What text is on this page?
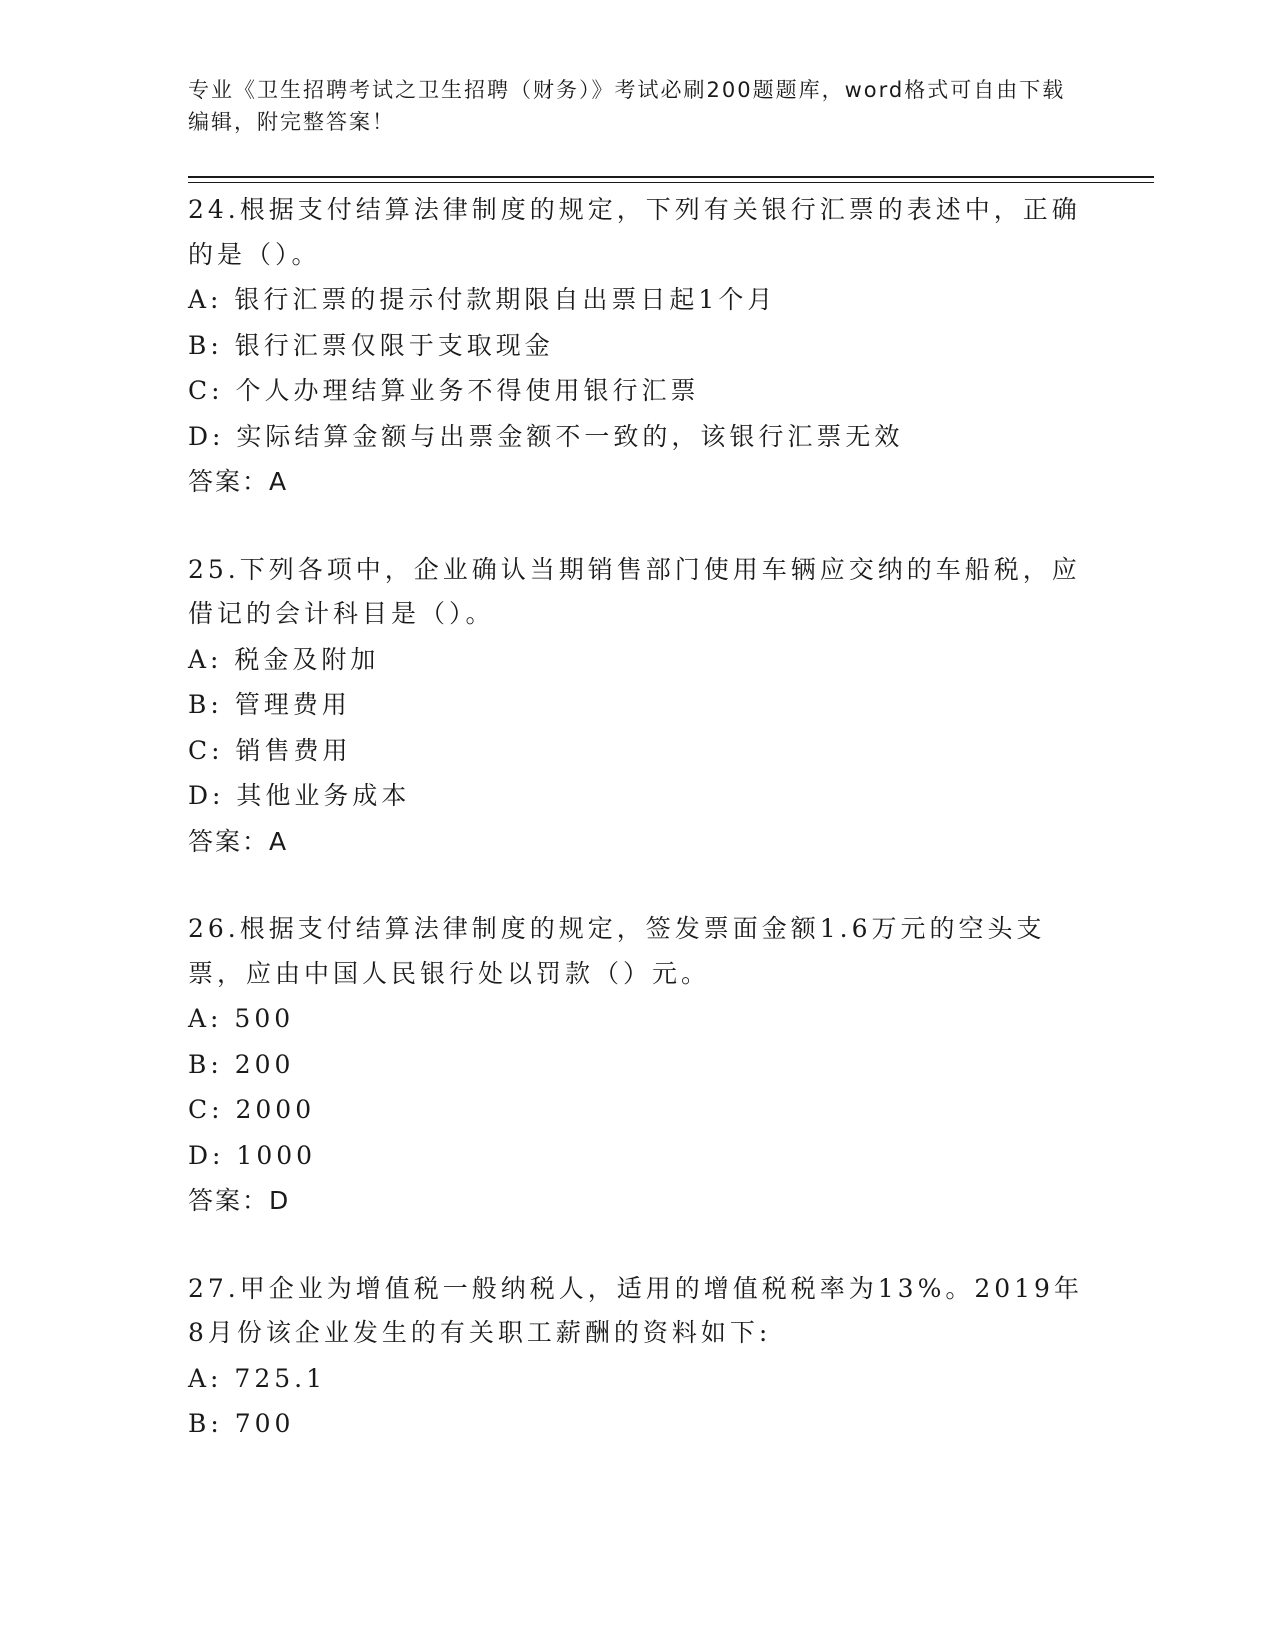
专业《卫生招聘考试之卫生招聘（财务）》考试必刷200题题库，word格式可自由下载编辑，附完整答案！

24.根据支付结算法律制度的规定，下列有关银行汇票的表述中，正确的是（）。

A: 银行汇票的提示付款期限自出票日起1个月

B: 银行汇票仅限于支取现金

C: 个人办理结算业务不得使用银行汇票

D: 实际结算金额与出票金额不一致的，该银行汇票无效

答案：A

25.下列各项中，企业确认当期销售部门使用车辆应交纳的车船税，应借记的会计科目是（）。

A: 税金及附加

B: 管理费用

C: 销售费用

D: 其他业务成本

答案：A

26.根据支付结算法律制度的规定，签发票面金额1.6万元的空头支票，应由中国人民银行处以罚款（）元。

A: 500

B: 200

C: 2000

D: 1000

答案：D

27.甲企业为增值税一般纳税人，适用的增值税税率为13%。2019年8月份该企业发生的有关职工薪酬的资料如下:

A: 725.1

B: 700
